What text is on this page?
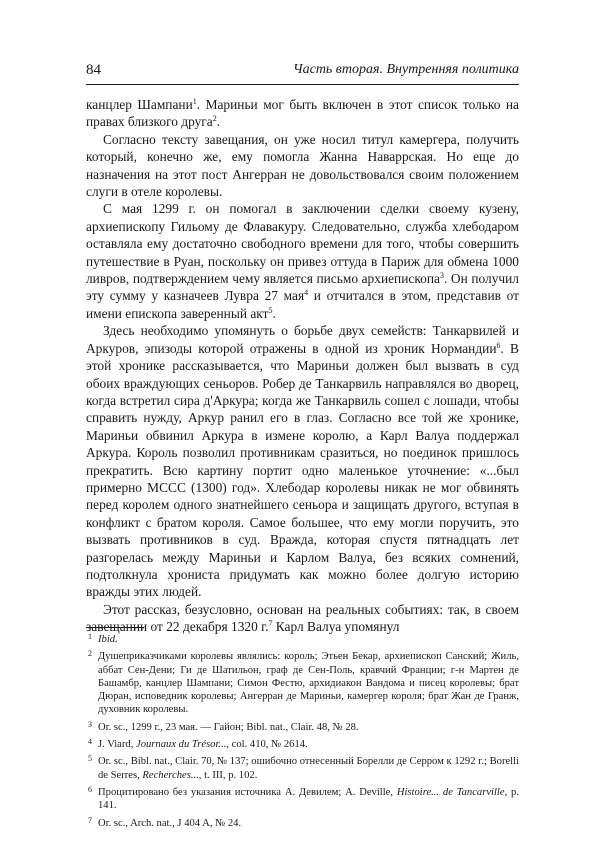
84	Часть вторая. Внутренняя политика

канцлер Шампани$^1$. Мариньи мог быть включен в этот список только на правах близкого друга$^2$.

Согласно тексту завещания, он уже носил титул камергера, получить который, конечно же, ему помогла Жанна Наваррская. Но еще до назначения на этот пост Ангерран не довольствовался своим положением слуги в отеле королевы.

С мая 1299 г. он помогал в заключении сделки своему кузену, архиепископу Гильому де Флавакуру. Следовательно, служба хлебодаром оставляла ему достаточно свободного времени для того, чтобы совершить путешествие в Руан, поскольку он привез оттуда в Париж для обмена 1000 ливров, подтверждением чему является письмо архиепископа$^3$. Он получил эту сумму у казначеев Лувра 27 мая$^4$ и отчитался в этом, представив от имени епископа заверенный акт$^5$.

Здесь необходимо упомянуть о борьбе двух семейств: Танкарвилей и Аркуров, эпизоды которой отражены в одной из хроник Нормандии$^6$. В этой хронике рассказывается, что Мариньи должен был вызвать в суд обоих враждующих сеньоров. Робер де Танкарвиль направлялся во дворец, когда встретил сира д'Аркура; когда же Танкарвиль сошел с лошади, чтобы справить нужду, Аркур ранил его в глаз. Согласно все той же хронике, Мариньи обвинил Аркура в измене королю, а Карл Валуа поддержал Аркура. Король позволил противникам сразиться, но поединок пришлось прекратить. Всю картину портит одно маленькое уточнение: «...был примерно MCCC (1300) год». Хлебодар королевы никак не мог обвинять перед королем одного знатнейшего сеньора и защищать другого, вступая в конфликт с братом короля. Самое большее, что ему могли поручить, это вызвать противников в суд. Вражда, которая спустя пятнадцать лет разгорелась между Мариньи и Карлом Валуа, без всяких сомнений, подтолкнула хрониста придумать как можно более долгую историю вражды этих людей.

Этот рассказ, безусловно, основан на реальных событиях: так, в своем завещании от 22 декабря 1320 г.$^7$ Карл Валуа упомянул

1 Ibid.
2 Душеприказчиками королевы являлись: король; Этьен Бекар, архиепископ Санский; Жиль, аббат Сен-Дени; Ги де Шатильон, граф де Сен-Поль, кравчий Франции; г-н Мартен де Башамбр, канцлер Шампани; Симон Фестю, архидиакон Вандома и писец королевы; брат Дюран, исповедник королевы; Ангерран де Мариньи, камергер короля; брат Жан де Гранж, духовник королевы.
3 Or. sc., 1299 г., 23 мая. — Гайон; Bibl. nat., Clair. 48, № 28.
4 J. Viard, Journaux du Trésor..., col. 410, № 2614.
5 Or. sc., Bibl. nat., Clair. 70, № 137; ошибочно отнесенный Борелли де Серром к 1292 г.; Borelli de Serres, Recherches..., t. III, p. 102.
6 Процитировано без указания источника А. Девилем; A. Deville, Histoire... de Tancarville, p. 141.
7 Or. sc., Arch. nat., J 404 A, № 24.
